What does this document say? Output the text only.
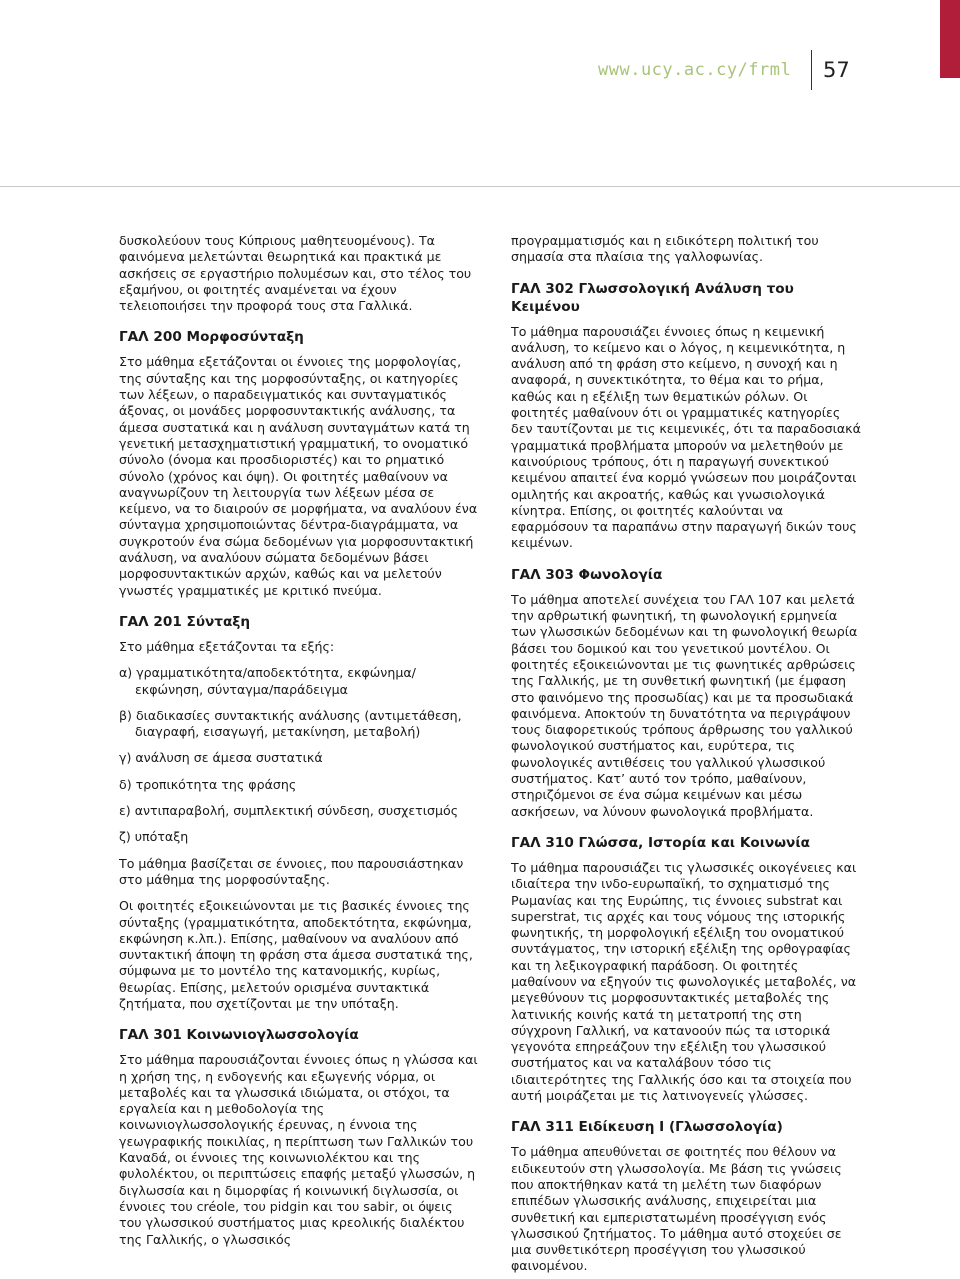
www.ucy.ac.cy/frml 57

δυσκολεύουν τους Κύπριους μαθητευομένους). Τα φαινόμενα μελετώνται θεωρητικά και πρακτικά με ασκήσεις σε εργαστήριο πολυμέσων και, στο τέλος του εξαμήνου, οι φοιτητές αναμένεται να έχουν τελειοποιήσει την προφορά τους στα Γαλλικά.

ΓΑΛ 200 Μορφοσύνταξη

Στο μάθημα εξετάζονται οι έννοιες της μορφολογίας, της σύνταξης και της μορφοσύνταξης, οι κατηγορίες των λέξεων, ο παραδειγματικός και συνταγματικός άξονας, οι μονάδες μορφοσυντακτικής ανάλυσης, τα άμεσα συστατικά και η ανάλυση συνταγμάτων κατά τη γενετική μετασχηματιστική γραμματική, το ονοματικό σύνολο (όνομα και προσδιοριστές) και το ρηματικό σύνολο (χρόνος και όψη). Οι φοιτητές μαθαίνουν να αναγνωρίζουν τη λειτουργία των λέξεων μέσα σε κείμενο, να το διαιρούν σε μορφήματα, να αναλύουν ένα σύνταγμα χρησιμοποιώντας δέντρα-διαγράμματα, να συγκροτούν ένα σώμα δεδομένων για μορφοσυντακτική ανάλυση, να αναλύουν σώματα δεδομένων βάσει μορφοσυντακτικών αρχών, καθώς και να μελετούν γνωστές γραμματικές με κριτικό πνεύμα.

ΓΑΛ 201 Σύνταξη

Στο μάθημα εξετάζονται τα εξής:

α) γραμματικότητα/αποδεκτότητα, εκφώνημα/εκφώνηση, σύνταγμα/παράδειγμα

β) διαδικασίες συντακτικής ανάλυσης (αντιμετάθεση, διαγραφή, εισαγωγή, μετακίνηση, μεταβολή)

γ) ανάλυση σε άμεσα συστατικά

δ) τροπικότητα της φράσης

ε) αντιπαραβολή, συμπλεκτική σύνδεση, συσχετισμός

ζ) υπόταξη

Το μάθημα βασίζεται σε έννοιες, που παρουσιάστηκαν στο μάθημα της μορφοσύνταξης.

Οι φοιτητές εξοικειώνονται με τις βασικές έννοιες της σύνταξης (γραμματικότητα, αποδεκτότητα, εκφώνημα, εκφώνηση κ.λπ.). Επίσης, μαθαίνουν να αναλύουν από συντακτική άποψη τη φράση στα άμεσα συστατικά της, σύμφωνα με το μοντέλο της κατανομικής, κυρίως, θεωρίας. Επίσης, μελετούν ορισμένα συντακτικά ζητήματα, που σχετίζονται με την υπόταξη.

ΓΑΛ 301 Κοινωνιογλωσσολογία

Στο μάθημα παρουσιάζονται έννοιες όπως η γλώσσα και η χρήση της, η ενδογενής και εξωγενής νόρμα, οι μεταβολές και τα γλωσσικά ιδιώματα, οι στόχοι, τα εργαλεία και η μεθοδολογία της κοινωνιογλωσσολογικής έρευνας, η έννοια της γεωγραφικής ποικιλίας, η περίπτωση των Γαλλικών του Καναδά, οι έννοιες της κοινωνιολέκτου και της φυλολέκτου, οι περιπτώσεις επαφής μεταξύ γλωσσών, η διγλωσσία και η διμορφίας ή κοινωνική διγλωσσία, οι έννοιες του créole, του pidgin και του sabir, οι όψεις του γλωσσικού συστήματος μιας κρεολικής διαλέκτου της Γαλλικής, ο γλωσσικός

προγραμματισμός και η ειδικότερη πολιτική του σημασία στα πλαίσια της γαλλοφωνίας.

ΓΑΛ 302 Γλωσσολογική Ανάλυση του Κειμένου

Το μάθημα παρουσιάζει έννοιες όπως η κειμενική ανάλυση, το κείμενο και ο λόγος, η κειμενικότητα, η ανάλυση από τη φράση στο κείμενο, η συνοχή και η αναφορά, η συνεκτικότητα, το θέμα και το ρήμα, καθώς και η εξέλιξη των θεματικών ρόλων. Οι φοιτητές μαθαίνουν ότι οι γραμματικές κατηγορίες δεν ταυτίζονται με τις κειμενικές, ότι τα παραδοσιακά γραμματικά προβλήματα μπορούν να μελετηθούν με καινούριους τρόπους, ότι η παραγωγή συνεκτικού κειμένου απαιτεί ένα κορμό γνώσεων που μοιράζονται ομιλητής και ακροατής, καθώς και γνωσιολογικά κίνητρα. Επίσης, οι φοιτητές καλούνται να εφαρμόσουν τα παραπάνω στην παραγωγή δικών τους κειμένων.

ΓΑΛ 303 Φωνολογία

Το μάθημα αποτελεί συνέχεια του ΓΑΛ 107 και μελετά την αρθρωτική φωνητική, τη φωνολογική ερμηνεία των γλωσσικών δεδομένων και τη φωνολογική θεωρία βάσει του δομικού και του γενετικού μοντέλου. Οι φοιτητές εξοικειώνονται με τις φωνητικές αρθρώσεις της Γαλλικής, με τη συνθετική φωνητική (με έμφαση στο φαινόμενο της προσωδίας) και με τα προσωδιακά φαινόμενα. Αποκτούν τη δυνατότητα να περιγράψουν τους διαφορετικούς τρόπους άρθρωσης του γαλλικού φωνολογικού συστήματος και, ευρύτερα, τις φωνολογικές αντιθέσεις του γαλλικού γλωσσικού συστήματος. Κατ’ αυτό τον τρόπο, μαθαίνουν, στηριζόμενοι σε ένα σώμα κειμένων και μέσω ασκήσεων, να λύνουν φωνολογικά προβλήματα.

ΓΑΛ 310 Γλώσσα, Ιστορία και Κοινωνία

Το μάθημα παρουσιάζει τις γλωσσικές οικογένειες και ιδιαίτερα την ινδο-ευρωπαϊκή, το σχηματισμό της Ρωμανίας και της Ευρώπης, τις έννοιες substrat και superstrat, τις αρχές και τους νόμους της ιστορικής φωνητικής, τη μορφολογική εξέλιξη του ονοματικού συντάγματος, την ιστορική εξέλιξη της ορθογραφίας και τη λεξικογραφική παράδοση. Οι φοιτητές μαθαίνουν να εξηγούν τις φωνολογικές μεταβολές, να μεγεθύνουν τις μορφοσυντακτικές μεταβολές της λατινικής κοινής κατά τη μετατροπή της στη σύγχρονη Γαλλική, να κατανοούν πώς τα ιστορικά γεγονότα επηρεάζουν την εξέλιξη του γλωσσικού συστήματος και να καταλάβουν τόσο τις ιδιαιτερότητες της Γαλλικής όσο και τα στοιχεία που αυτή μοιράζεται με τις λατινογενείς γλώσσες.

ΓΑΛ 311 Ειδίκευση Ι (Γλωσσολογία)

Το μάθημα απευθύνεται σε φοιτητές που θέλουν να ειδικευτούν στη γλωσσολογία. Με βάση τις γνώσεις που αποκτήθηκαν κατά τη μελέτη των διαφόρων επιπέδων γλωσσικής ανάλυσης, επιχειρείται μια συνθετική και εμπεριστατωμένη προσέγγιση ενός γλωσσικού ζητήματος. Το μάθημα αυτό στοχεύει σε μια συνθετικότερη προσέγγιση του γλωσσικού φαινομένου.
